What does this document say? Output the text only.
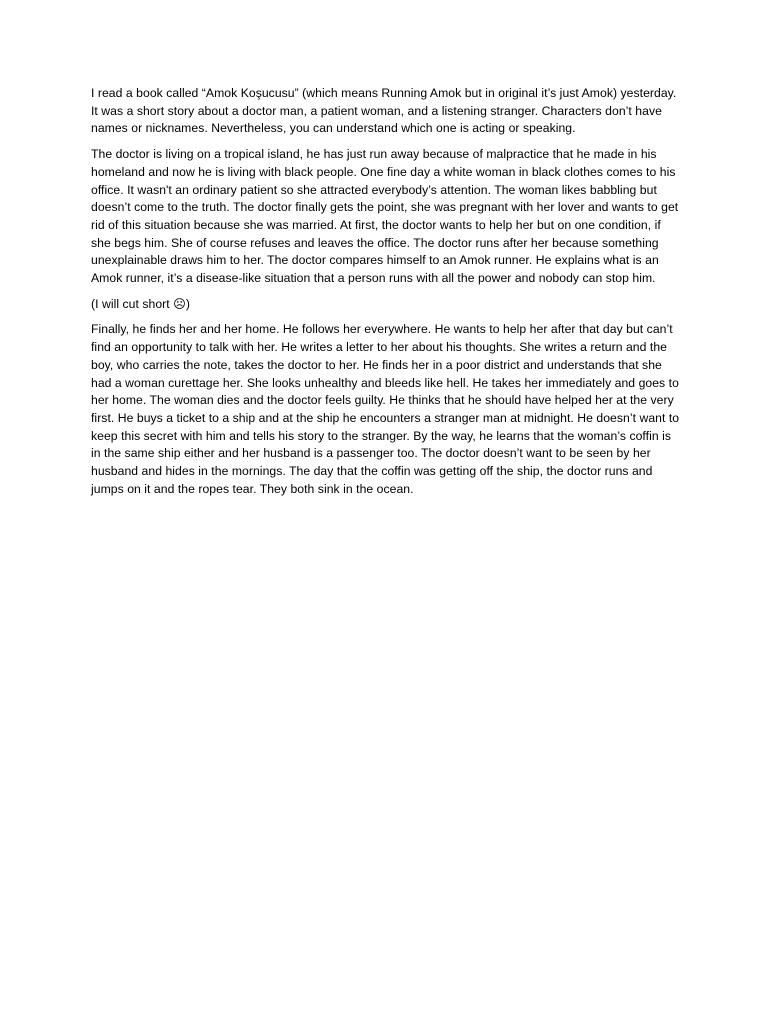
I read a book called “Amok Koşucusu” (which means Running Amok but in original it’s just Amok) yesterday. It was a short story about a doctor man, a patient woman, and a listening stranger. Characters don’t have names or nicknames. Nevertheless, you can understand which one is acting or speaking.

The doctor is living on a tropical island, he has just run away because of malpractice that he made in his homeland and now he is living with black people. One fine day a white woman in black clothes comes to his office. It wasn't an ordinary patient so she attracted everybody’s attention. The woman likes babbling but doesn’t come to the truth. The doctor finally gets the point, she was pregnant with her lover and wants to get rid of this situation because she was married. At first, the doctor wants to help her but on one condition, if she begs him. She of course refuses and leaves the office. The doctor runs after her because something unexplainable draws him to her. The doctor compares himself to an Amok runner. He explains what is an Amok runner, it’s a disease-like situation that a person runs with all the power and nobody can stop him.

(I will cut short ☹)

Finally, he finds her and her home. He follows her everywhere. He wants to help her after that day but can’t find an opportunity to talk with her. He writes a letter to her about his thoughts. She writes a return and the boy, who carries the note, takes the doctor to her. He finds her in a poor district and understands that she had a woman curettage her. She looks unhealthy and bleeds like hell. He takes her immediately and goes to her home. The woman dies and the doctor feels guilty. He thinks that he should have helped her at the very first. He buys a ticket to a ship and at the ship he encounters a stranger man at midnight. He doesn’t want to keep this secret with him and tells his story to the stranger. By the way, he learns that the woman’s coffin is in the same ship either and her husband is a passenger too. The doctor doesn’t want to be seen by her husband and hides in the mornings. The day that the coffin was getting off the ship, the doctor runs and jumps on it and the ropes tear. They both sink in the ocean.
